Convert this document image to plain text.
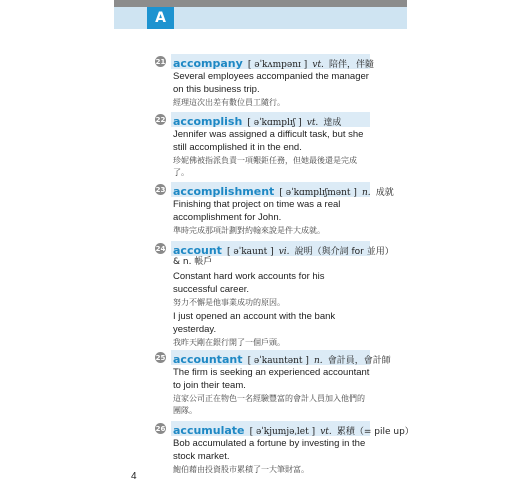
A
21 accompany [ əˈkʌmpənɪ ] vt. 陪伴，伴隨
Several employees accompanied the manager on this business trip.
經理這次出差有數位員工隨行。
22 accomplish [ əˈkɑmplɪʃ ] vt. 達成
Jennifer was assigned a difficult task, but she still accomplished it in the end.
珍妮佛被指派負責一項艱鉅任務，但她最後還是完成了。
23 accomplishment [ əˈkɑmplɪʃmənt ] n. 成就
Finishing that project on time was a real accomplishment for John.
準時完成那項計劃對約翰來說是件大成就。
24 account [ əˈkaunt ] vi. 說明（與介詞 for 並用）
& n. 帳戶
Constant hard work accounts for his successful career.
努力不懈是他事業成功的原因。
I just opened an account with the bank yesterday.
我昨天剛在銀行開了一個戶頭。
25 accountant [ əˈkauntənt ] n. 會計員，會計師
The firm is seeking an experienced accountant to join their team.
這家公司正在物色一名經驗豐富的會計人員加入他們的團隊。
26 accumulate [ əˈkjumjəˌlet ] vt. 累積（= pile up）
Bob accumulated a fortune by investing in the stock market.
鮑伯藉由投資股市累積了一大筆財富。
4
